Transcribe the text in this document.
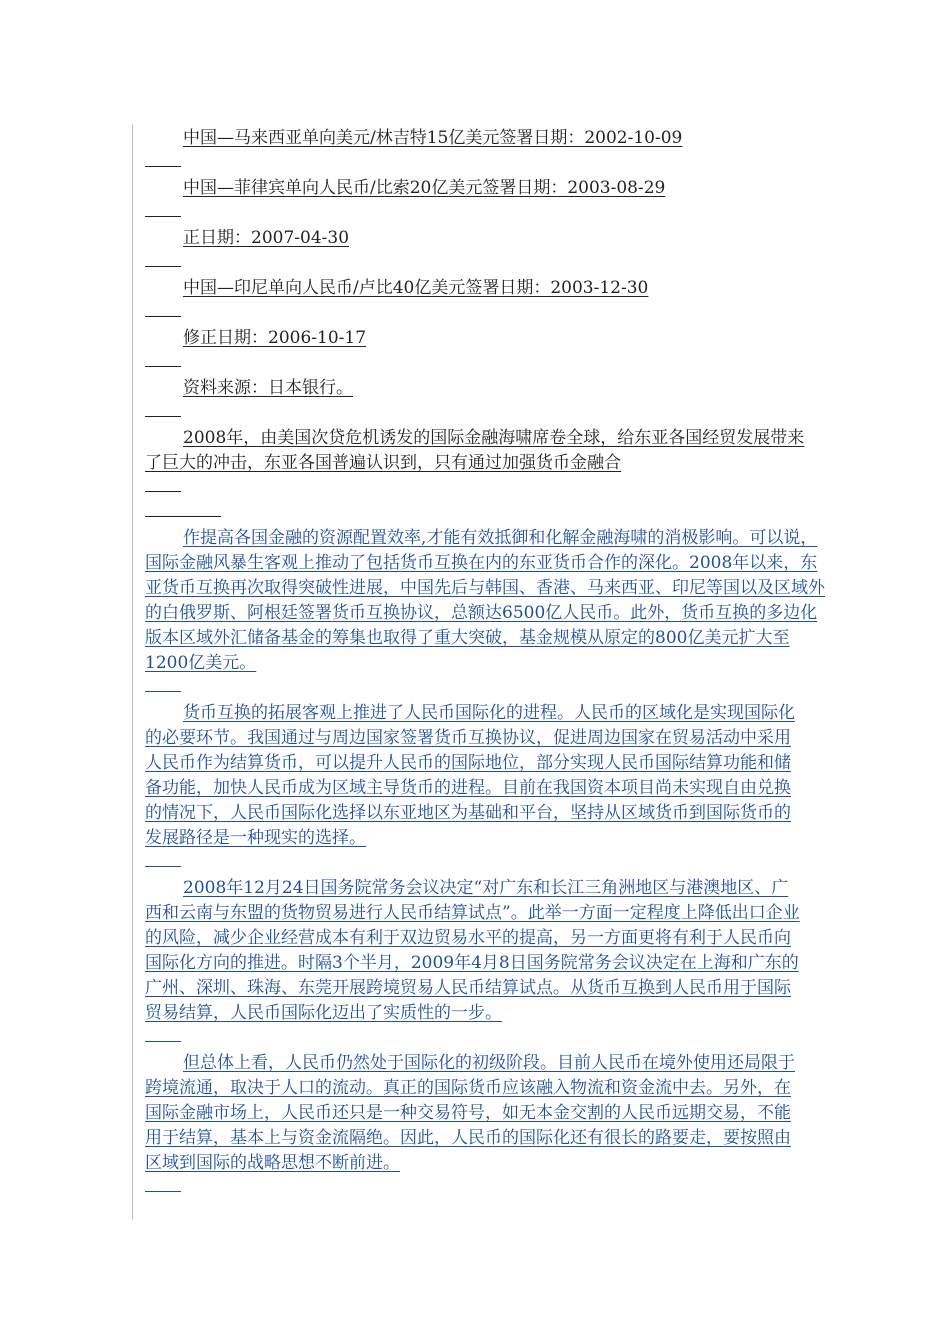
中国—马来西亚单向美元/林吉特15亿美元签署日期：2002-10-09

中国—菲律宾单向人民币/比索20亿美元签署日期：2003-08-29

正日期：2007-04-30

中国—印尼单向人民币/卢比40亿美元签署日期：2003-12-30

修正日期：2006-10-17

资料来源：日本银行。

2008年，由美国次贷危机诱发的国际金融海啸席卷全球，给东亚各国经贸发展带来了巨大的冲击，东亚各国普遍认识到，只有通过加强货币金融合

作提高各国金融的资源配置效率,才能有效抵御和化解金融海啸的消极影响。可以说，国际金融风暴生客观上推动了包括货币互换在内的东亚货币合作的深化。2008年以来，东亚货币互换再次取得突破性进展，中国先后与韩国、香港、马来西亚、印尼等国以及区域外的白俄罗斯、阿根廷签署货币互换协议，总额达6500亿人民币。此外，货币互换的多边化版本区域外汇储备基金的筹集也取得了重大突破，基金规模从原定的800亿美元扩大至1200亿美元。

货币互换的拓展客观上推进了人民币国际化的进程。人民币的区域化是实现国际化的必要环节。我国通过与周边国家签署货币互换协议，促进周边国家在贸易活动中采用人民币作为结算货币，可以提升人民币的国际地位，部分实现人民币国际结算功能和储备功能，加快人民币成为区域主导货币的进程。目前在我国资本项目尚未实现自由兑换的情况下，人民币国际化选择以东亚地区为基础和平台，坚持从区域货币到国际货币的发展路径是一种现实的选择。

2008年12月24日国务院常务会议决定“对广东和长江三角洲地区与港澳地区、广西和云南与东盟的货物贸易进行人民币结算试点”。此举一方面一定程度上降低出口企业的风险，减少企业经营成本有利于双边贸易水平的提高，另一方面更将有利于人民币向国际化方向的推进。时隔3个半月，2009年4月8日国务院常务会议决定在上海和广东的广州、深圳、珠海、东莞开展跨境贸易人民币结算试点。从货币互换到人民币用于国际贸易结算，人民币国际化迈出了实质性的一步。

但总体上看，人民币仍然处于国际化的初级阶段。目前人民币在境外使用还局限于跨境流通，取决于人口的流动。真正的国际货币应该融入物流和资金流中去。另外，在国际金融市场上，人民币还只是一种交易符号，如无本金交割的人民币远期交易，不能用于结算，基本上与资金流隔绝。因此，人民币的国际化还有很长的路要走，要按照由区域到国际的战略思想不断前进。
